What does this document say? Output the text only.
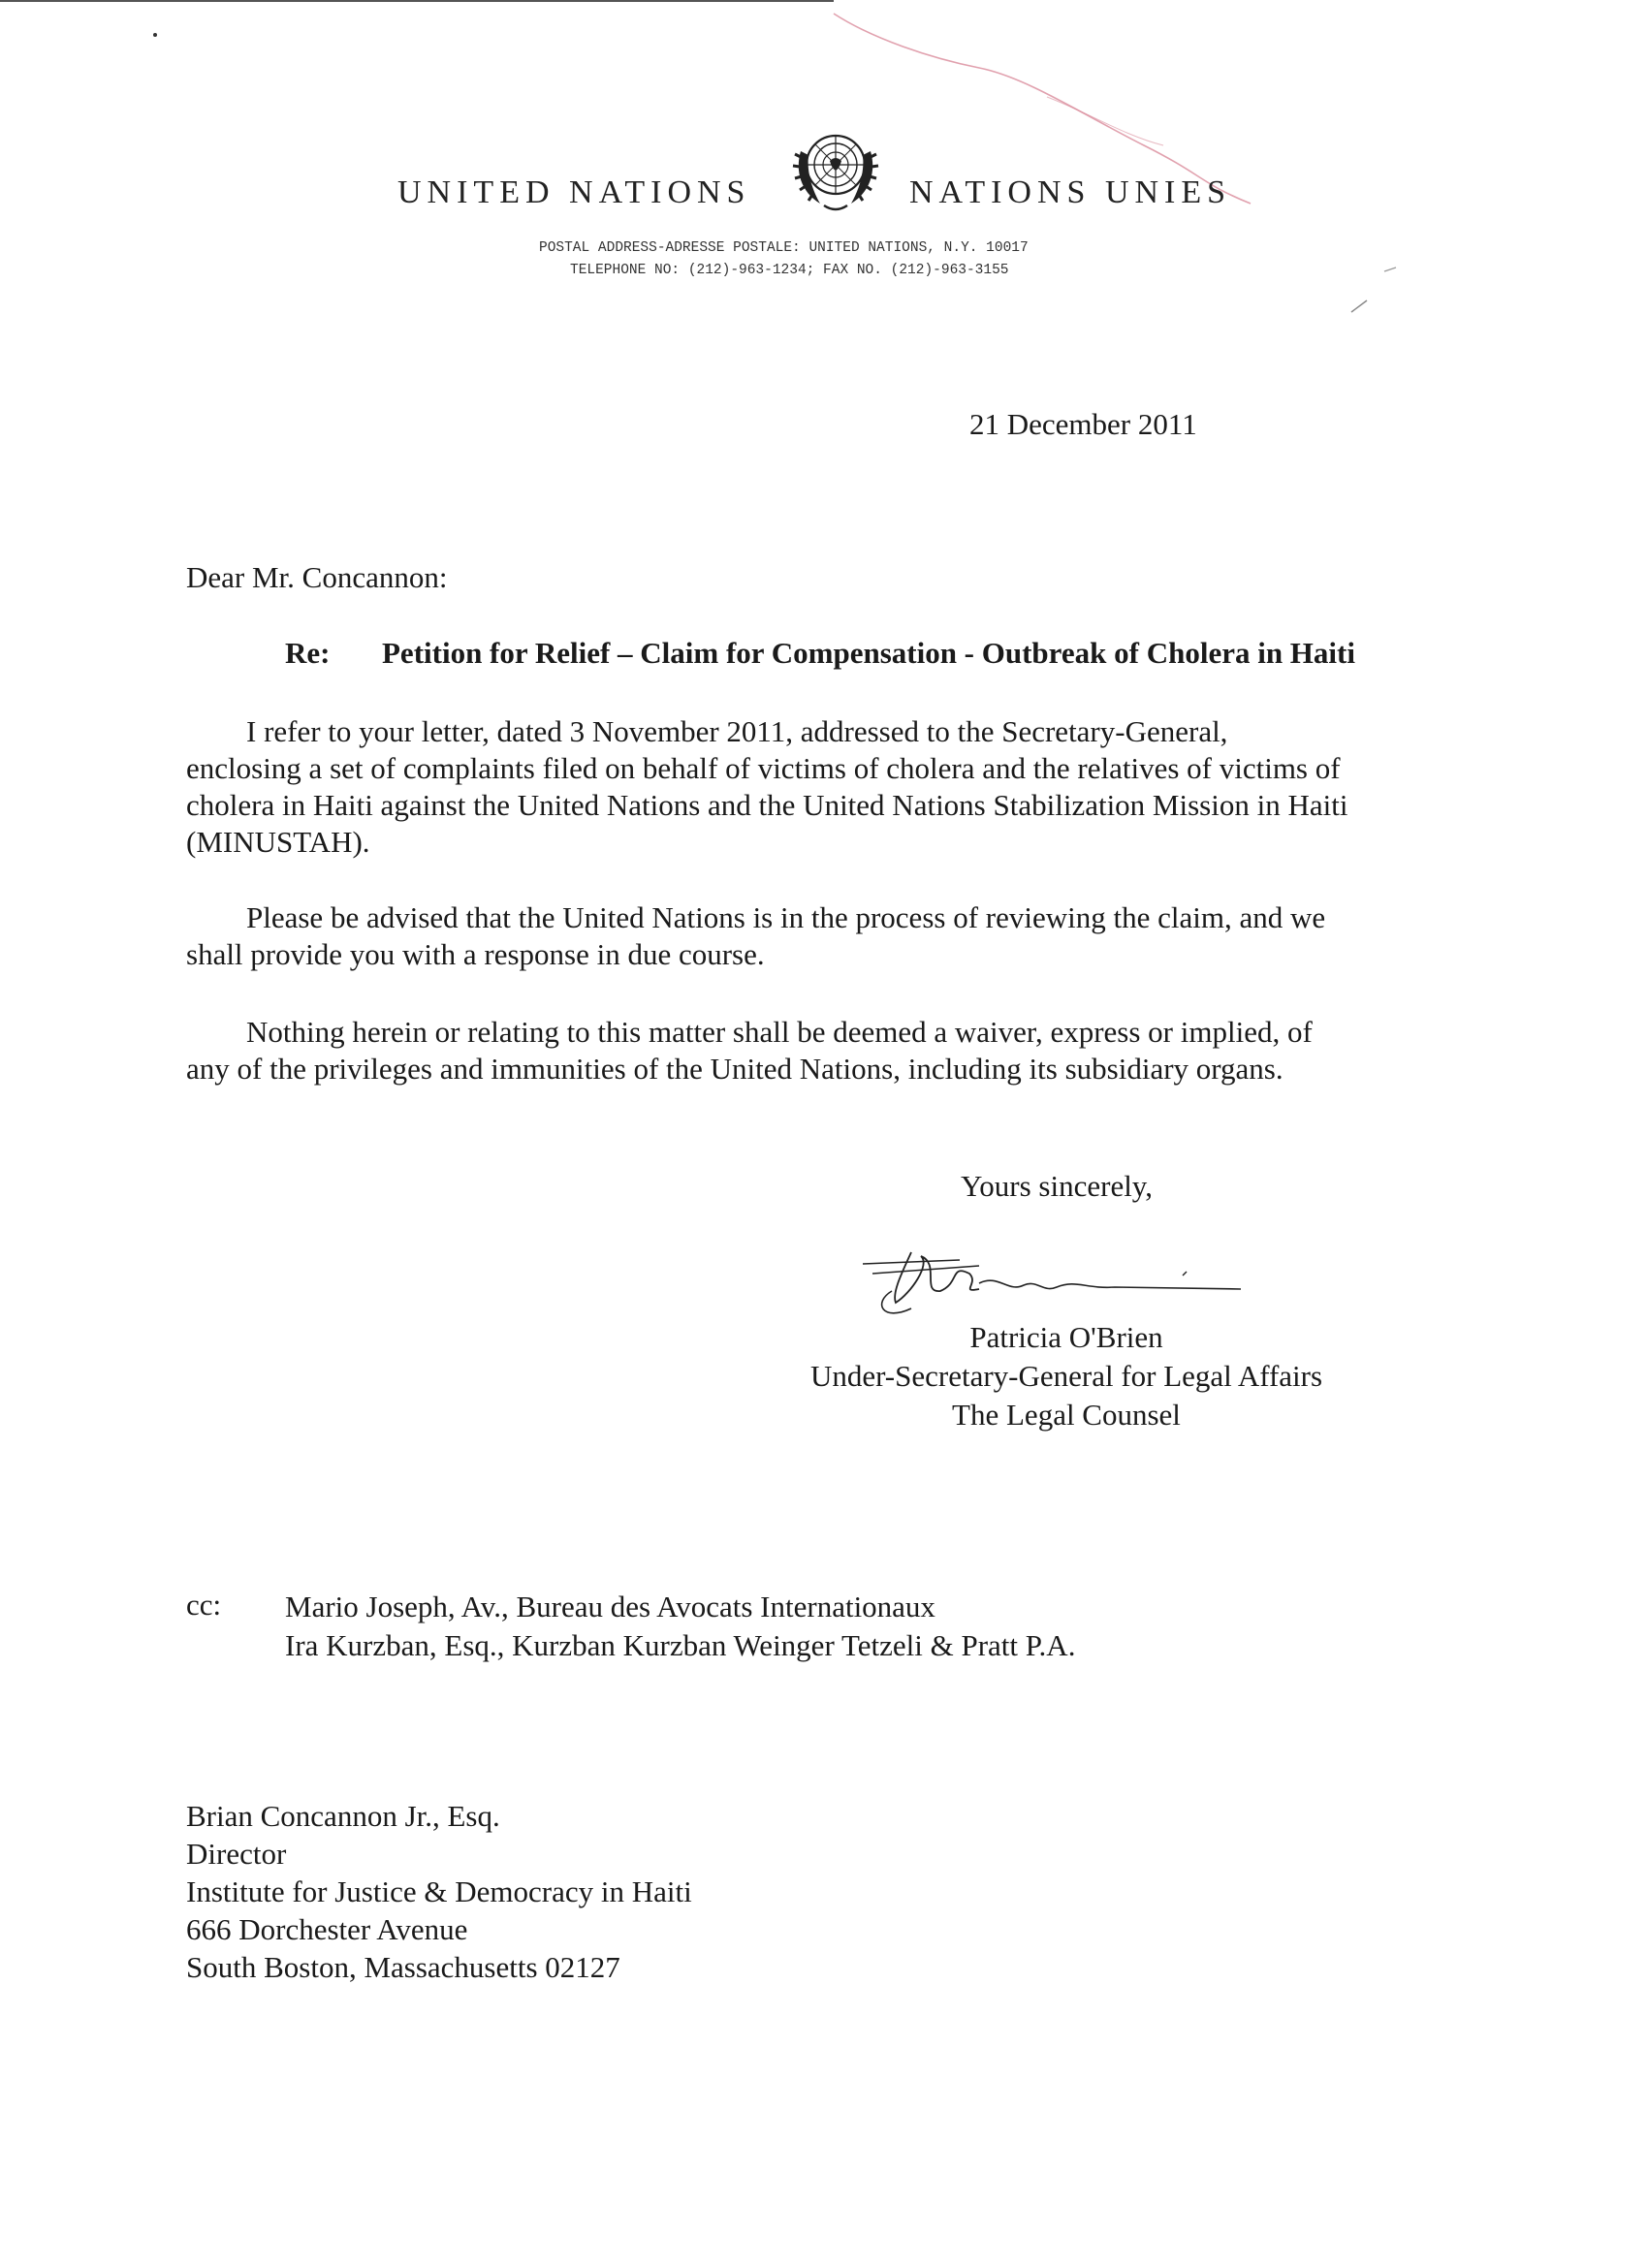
UNITED NATIONS	NATIONS UNIES
POSTAL ADDRESS-ADRESSE POSTALE: UNITED NATIONS, N.Y. 10017
TELEPHONE NO: (212)-963-1234; FAX NO. (212)-963-3155
21 December 2011
Dear Mr. Concannon:
Re: Petition for Relief – Claim for Compensation - Outbreak of Cholera in Haiti

I refer to your letter, dated 3 November 2011, addressed to the Secretary-General,
enclosing a set of complaints filed on behalf of victims of cholera and the relatives of victims of
cholera in Haiti against the United Nations and the United Nations Stabilization Mission in Haiti
(MINUSTAH).

Please be advised that the United Nations is in the process of reviewing the claim, and we
shall provide you with a response in due course.

Nothing herein or relating to this matter shall be deemed a waiver, express or implied, of
any of the privileges and immunities of the United Nations, including its subsidiary organs.

Yours sincerely,
Patricia O'Brien
Under-Secretary-General for Legal Affairs
The Legal Counsel
cc: Mario Joseph, Av., Bureau des Avocats Internationaux
Ira Kurzban, Esq., Kurzban Kurzban Weinger Tetzeli & Pratt P.A.
Brian Concannon Jr., Esq.
Director
Institute for Justice & Democracy in Haiti
666 Dorchester Avenue
South Boston, Massachusetts 02127
